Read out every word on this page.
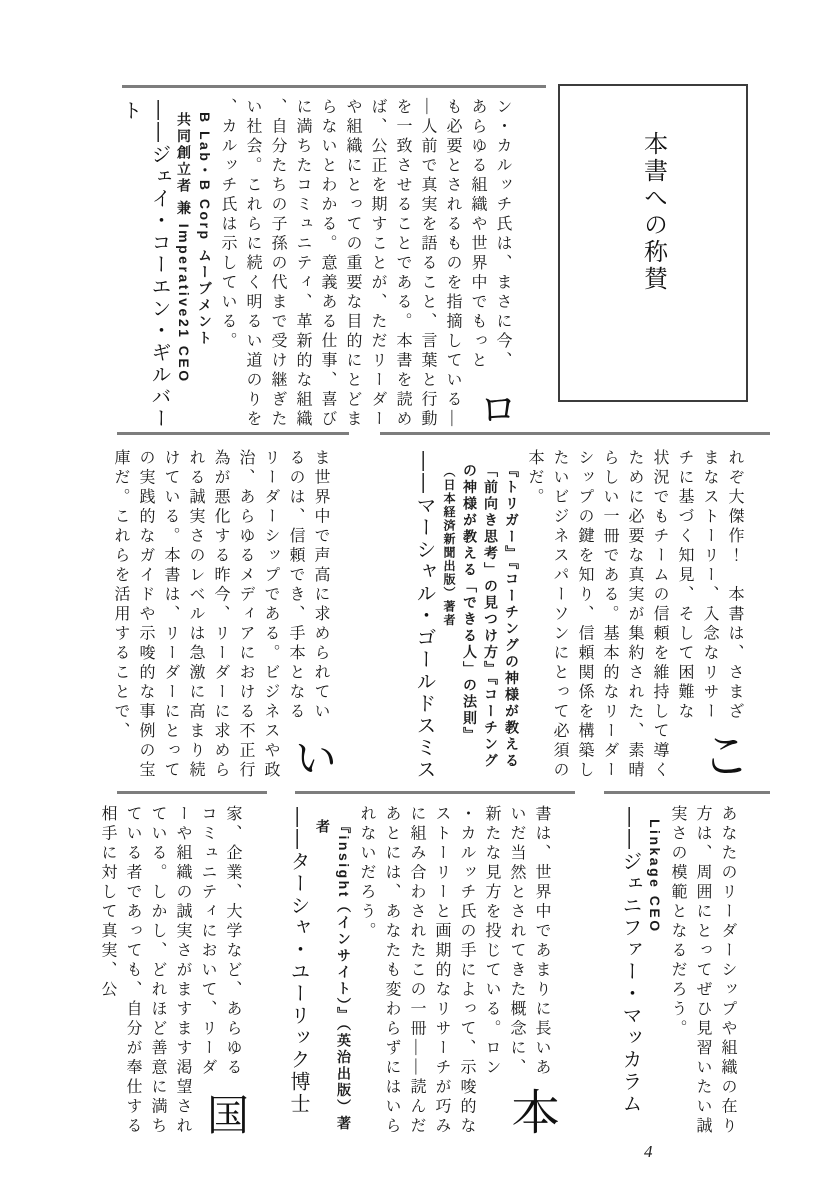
本書への称賛

ロ
ン・カルッチ氏は、まさに今、あらゆる組織や世界中でもっとも必要とされるものを指摘している——人前で真実を語ること、言葉と行動を一致させることである。本書を読めば、公正を期すことが、ただリーダーや組織にとっての重要な目的にとどまらないとわかる。意義ある仕事、喜びに満ちたコミュニティ、革新的な組織、自分たちの子孫の代まで受け継ぎたい社会。これらに続く明るい道のりを、カルッチ氏は示している。

B Lab・B Corp ムーブメント

共同創立者 兼 Imperative21 CEO

——ジェイ・コーエン・ギルバート

こ
れぞ大傑作！　本書は、さまざまなストーリー、入念なリサーチに基づく知見、そして困難な状況でもチームの信頼を維持して導くために必要な真実が集約された、素晴らしい一冊である。基本的なリーダーシップの鍵を知り、信頼関係を構築したいビジネスパーソンにとって必須の本だ。

『トリガー』『コーチングの神様が教える「前向き思考」の見つけ方』『コーチングの神様が教える「できる人」の法則』

（日本経済新聞出版）著者

——マーシャル・ゴールドスミス

い
ま世界中で声高に求められているのは、信頼でき、手本となるリーダーシップである。ビジネスや政治、あらゆるメディアにおける不正行為が悪化する昨今、リーダーに求められる誠実さのレベルは急激に高まり続けている。本書は、リーダーにとっての実践的なガイドや示唆的な事例の宝庫だ。これらを活用することで、

あなたのリーダーシップや組織の在り方は、周囲にとってぜひ見習いたい誠実さの模範となるだろう。

Linkage CEO

——ジェニファー・マッカラム

本
書は、世界中であまりに長いあいだ当然とされてきた概念に、新たな見方を投じている。ロン・カルッチ氏の手によって、示唆的なストーリーと画期的なリサーチが巧みに組み合わされたこの一冊——読んだあとには、あなたも変わらずにはいられないだろう。

『insight（インサイト）』（英治出版）著者

——ターシャ・ユーリック博士

国
家、企業、大学など、あらゆるコミュニティにおいて、リーダーや組織の誠実さがますます渇望されている。しかし、どれほど善意に満ちている者であっても、自分が奉仕する相手に対して真実、公

4
